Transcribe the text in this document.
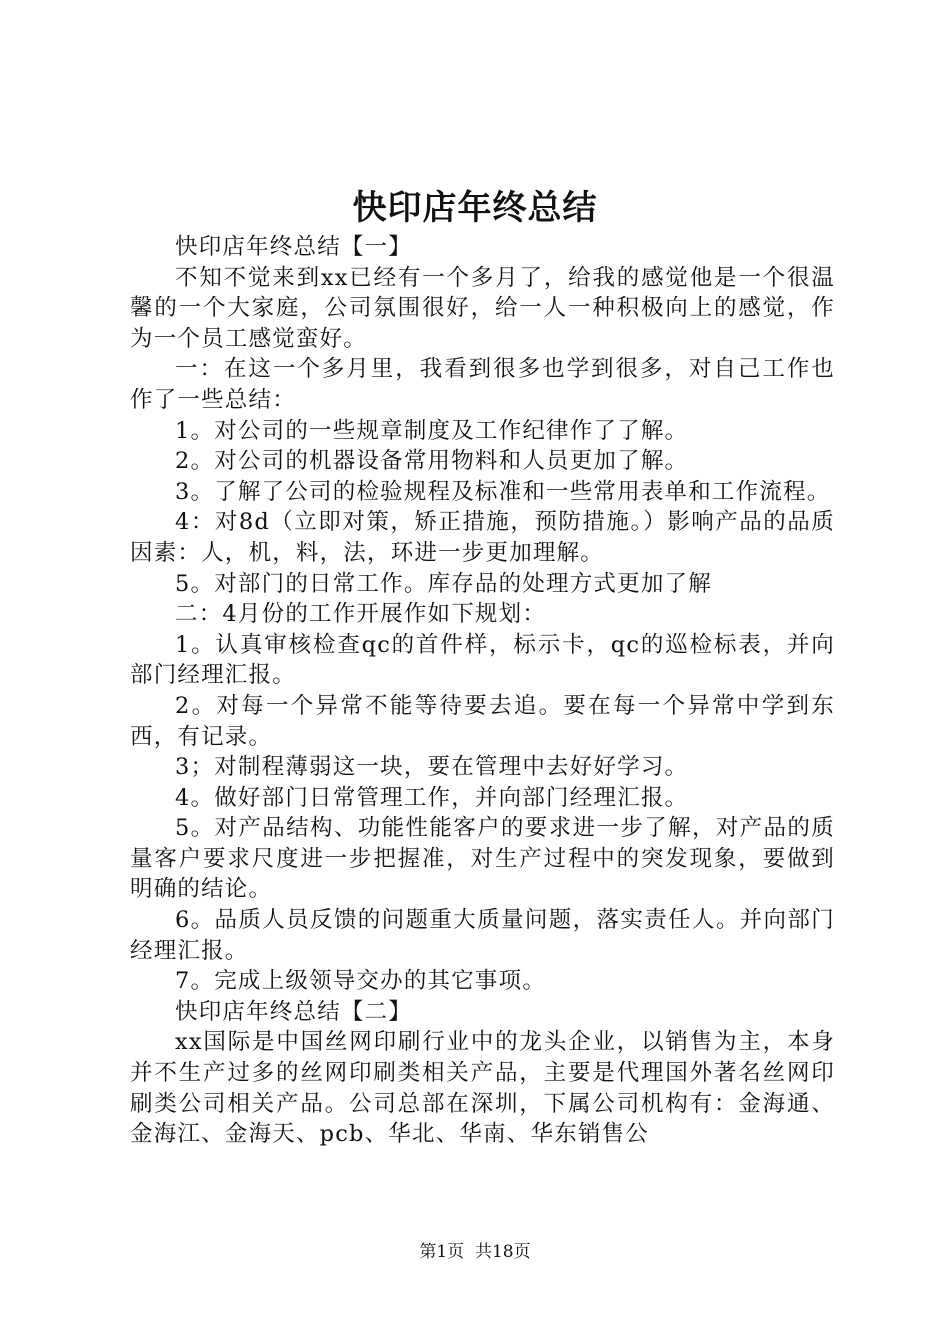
快印店年终总结

快印店年终总结【一】

不知不觉来到xx已经有一个多月了，给我的感觉他是一个很温馨的一个大家庭，公司氛围很好，给一人一种积极向上的感觉，作为一个员工感觉蛮好。

一：在这一个多月里，我看到很多也学到很多，对自己工作也作了一些总结：

1。对公司的一些规章制度及工作纪律作了了解。

2。对公司的机器设备常用物料和人员更加了解。

3。了解了公司的检验规程及标准和一些常用表单和工作流程。

4：对8d（立即对策，矫正措施，预防措施。）影响产品的品质因素：人，机，料，法，环进一步更加理解。

5。对部门的日常工作。库存品的处理方式更加了解

二：4月份的工作开展作如下规划：

1。认真审核检查qc的首件样，标示卡，qc的巡检标表，并向部门经理汇报。

2。对每一个异常不能等待要去追。要在每一个异常中学到东西，有记录。

3；对制程薄弱这一块，要在管理中去好好学习。

4。做好部门日常管理工作，并向部门经理汇报。

5。对产品结构、功能性能客户的要求进一步了解，对产品的质量客户要求尺度进一步把握准，对生产过程中的突发现象，要做到明确的结论。

6。品质人员反馈的问题重大质量问题，落实责任人。并向部门经理汇报。

7。完成上级领导交办的其它事项。

快印店年终总结【二】

xx国际是中国丝网印刷行业中的龙头企业，以销售为主，本身并不生产过多的丝网印刷类相关产品，主要是代理国外著名丝网印刷类公司相关产品。公司总部在深圳，下属公司机构有：金海通、金海江、金海天、pcb、华北、华南、华东销售公

第1页  共18页
